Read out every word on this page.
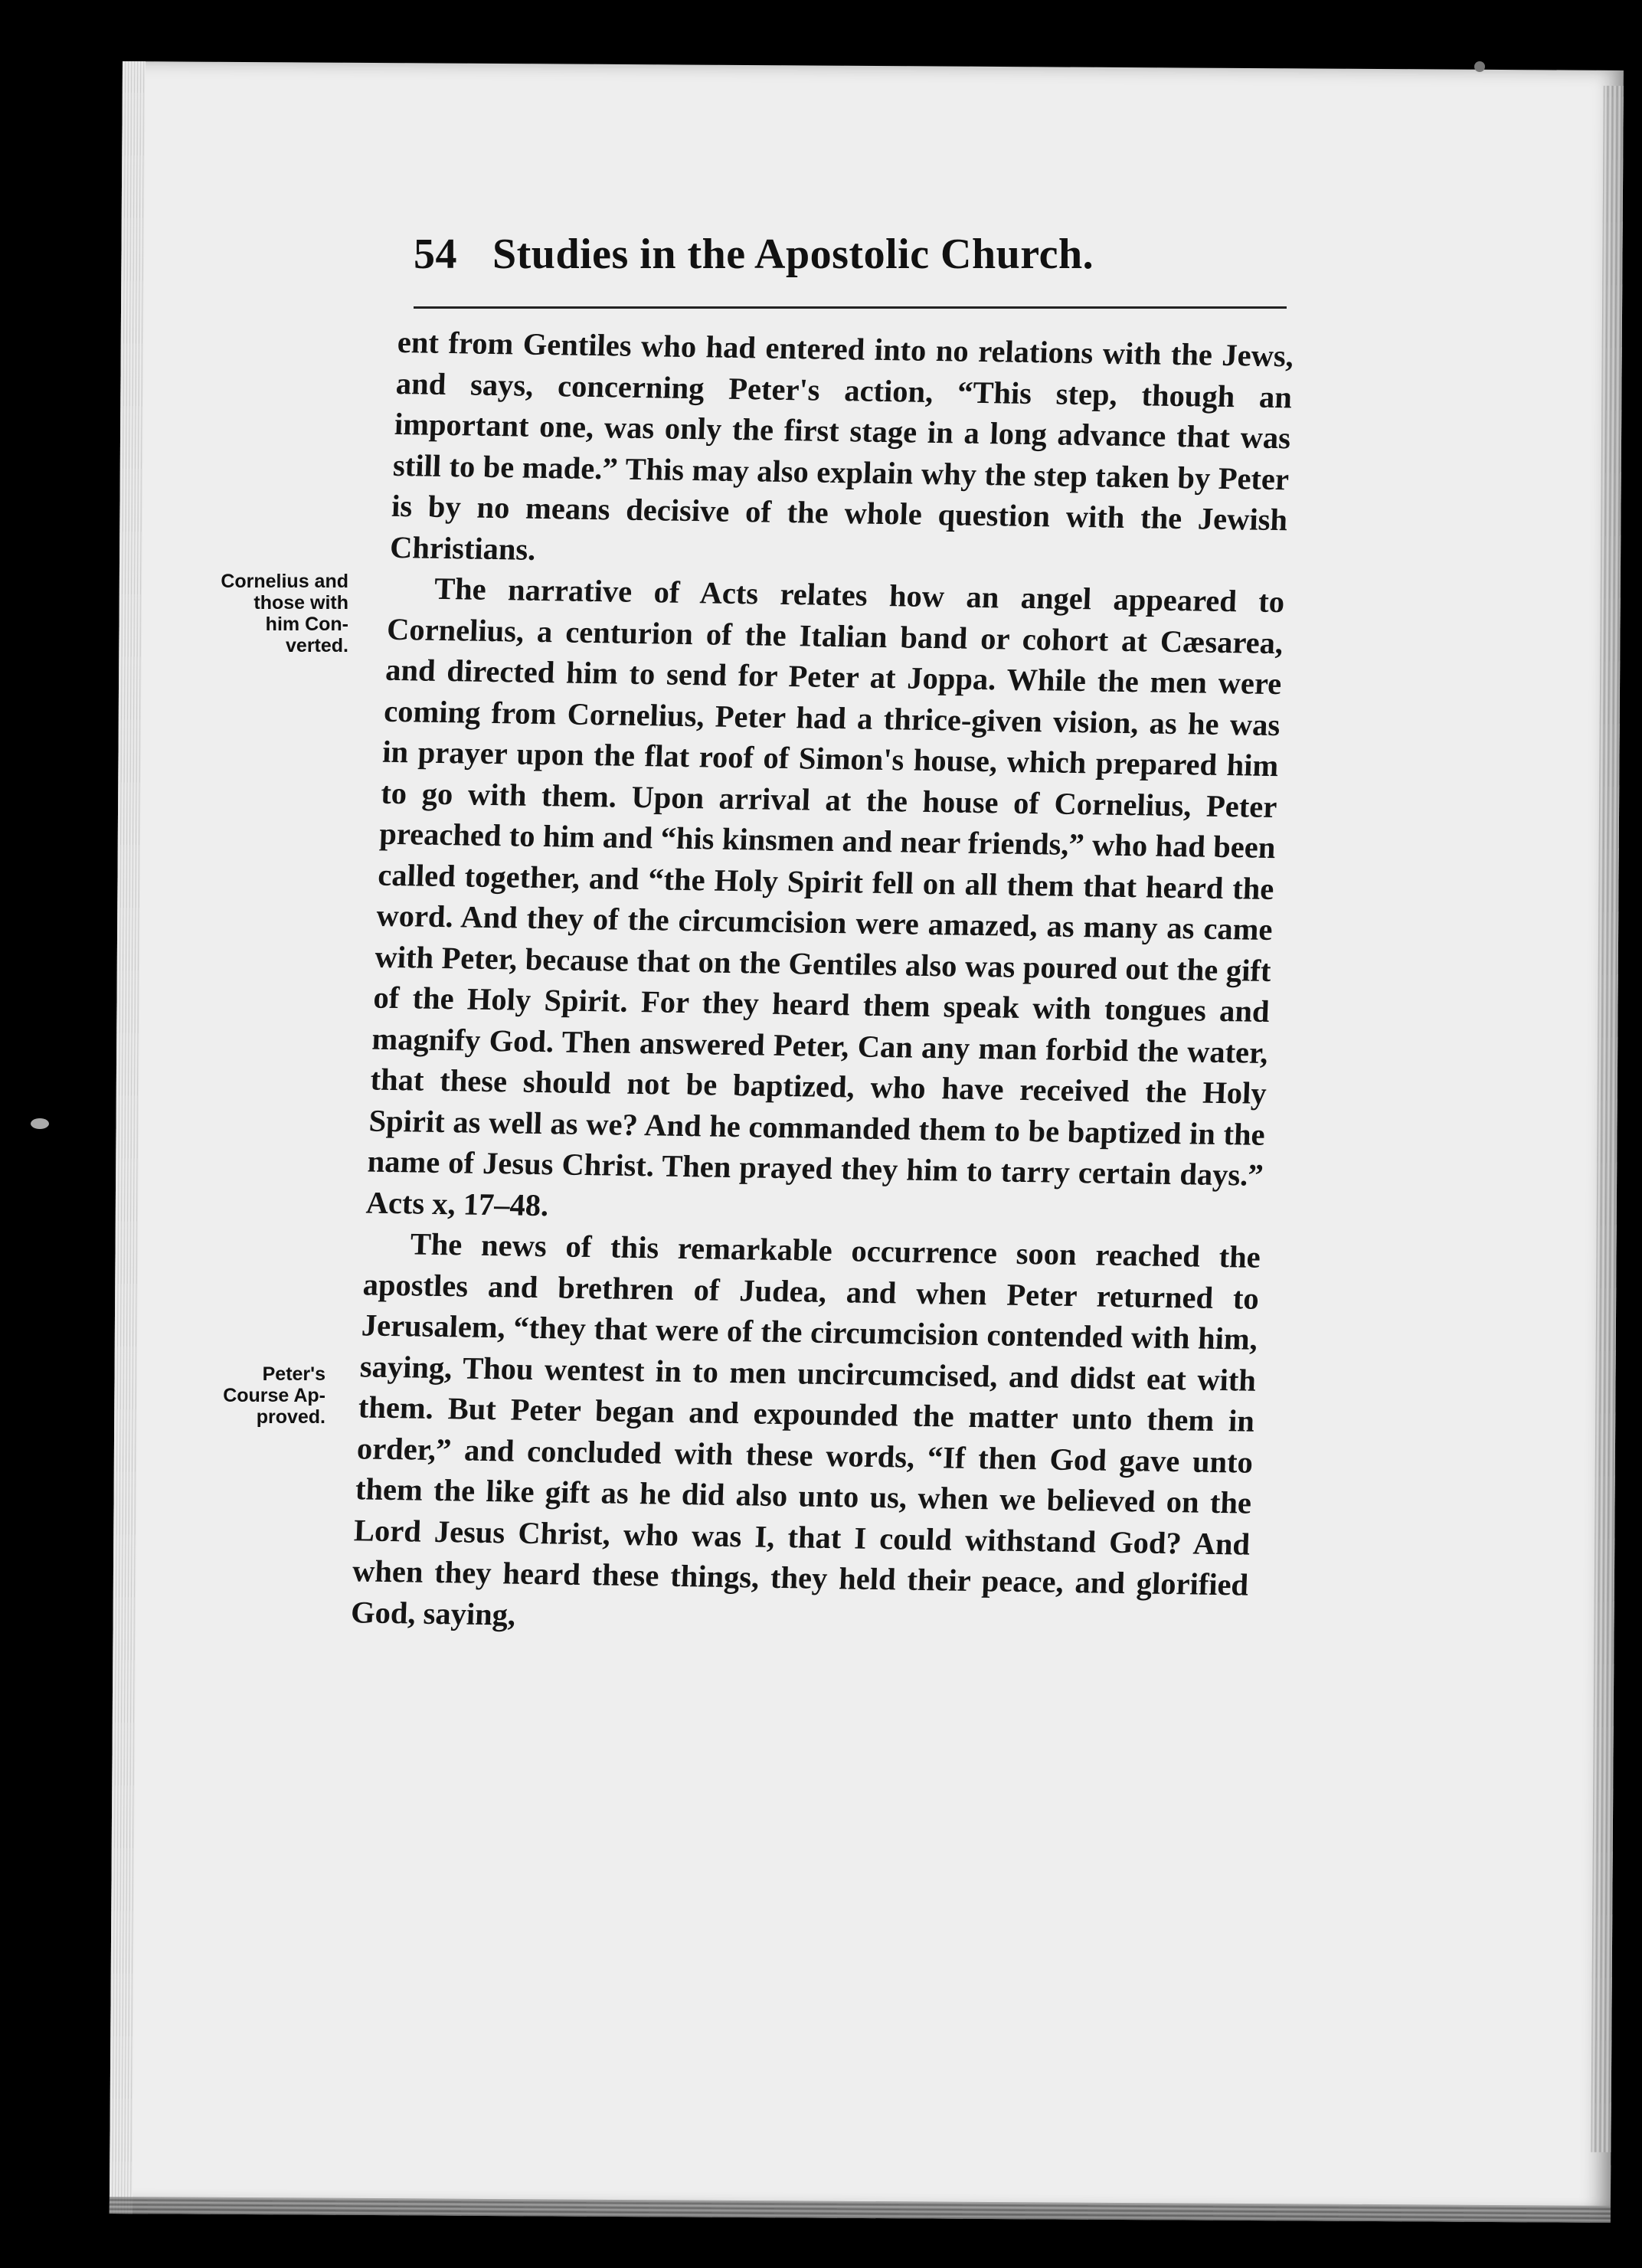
54 Studies in the Apostolic Church.
Cornelius and
those with
him Con-
verted.
Peter's
Course Ap-
proved.

ent from Gentiles who had entered into no relations with the Jews, and says, concerning Peter's action, “This step, though an important one, was only the first stage in a long advance that was still to be made.” This may also explain why the step taken by Peter is by no means decisive of the whole question with the Jewish Christians.

The narrative of Acts relates how an angel appeared to Cornelius, a centurion of the Italian band or cohort at Cæsarea, and directed him to send for Peter at Joppa. While the men were coming from Cornelius, Peter had a thrice-given vision, as he was in prayer upon the flat roof of Simon's house, which prepared him to go with them. Upon arrival at the house of Cornelius, Peter preached to him and “his kinsmen and near friends,” who had been called together, and “the Holy Spirit fell on all them that heard the word. And they of the circumcision were amazed, as many as came with Peter, because that on the Gentiles also was poured out the gift of the Holy Spirit. For they heard them speak with tongues and magnify God. Then answered Peter, Can any man forbid the water, that these should not be baptized, who have received the Holy Spirit as well as we? And he commanded them to be baptized in the name of Jesus Christ. Then prayed they him to tarry certain days.” Acts x, 17–48.

The news of this remarkable occurrence soon reached the apostles and brethren of Judea, and when Peter returned to Jerusalem, “they that were of the circumcision contended with him, saying, Thou wentest in to men uncircumcised, and didst eat with them. But Peter began and expounded the matter unto them in order,” and concluded with these words, “If then God gave unto them the like gift as he did also unto us, when we believed on the Lord Jesus Christ, who was I, that I could withstand God? And when they heard these things, they held their peace, and glorified God, saying,
